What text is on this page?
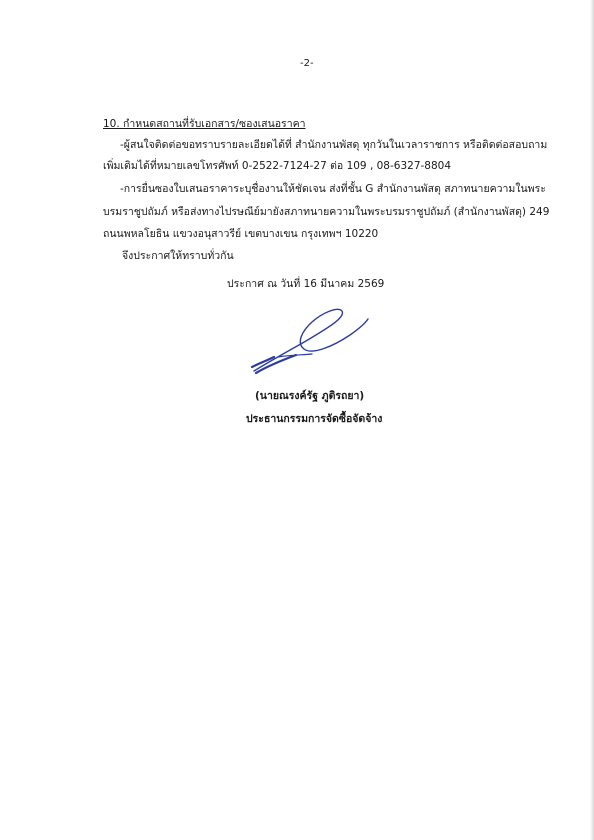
-2-
10. กำหนดสถานที่รับเอกสาร/ซองเสนอราคา
-ผู้สนใจติดต่อขอทราบรายละเอียดได้ที่ สำนักงานพัสดุ ทุกวันในเวลาราชการ หรือติดต่อสอบถาม
เพิ่มเติมได้ที่หมายเลขโทรศัพท์ 0-2522-7124-27 ต่อ 109 , 08-6327-8804
-การยื่นซองใบเสนอราคาระบุชื่องานให้ชัดเจน ส่งที่ชั้น G สำนักงานพัสดุ สภาทนายความในพระ
บรมราชูปถัมภ์ หรือส่งทางไปรษณีย์มายังสภาทนายความในพระบรมราชูปถัมภ์ (สำนักงานพัสดุ) 249
ถนนพหลโยธิน แขวงอนุสาวรีย์ เขตบางเขน กรุงเทพฯ 10220
จึงประกาศให้ทราบทั่วกัน
ประกาศ ณ วันที่ 16 มีนาคม 2569
(นายณรงค์รัฐ ภูติรถยา)
ประธานกรรมการจัดซื้อจัดจ้าง
